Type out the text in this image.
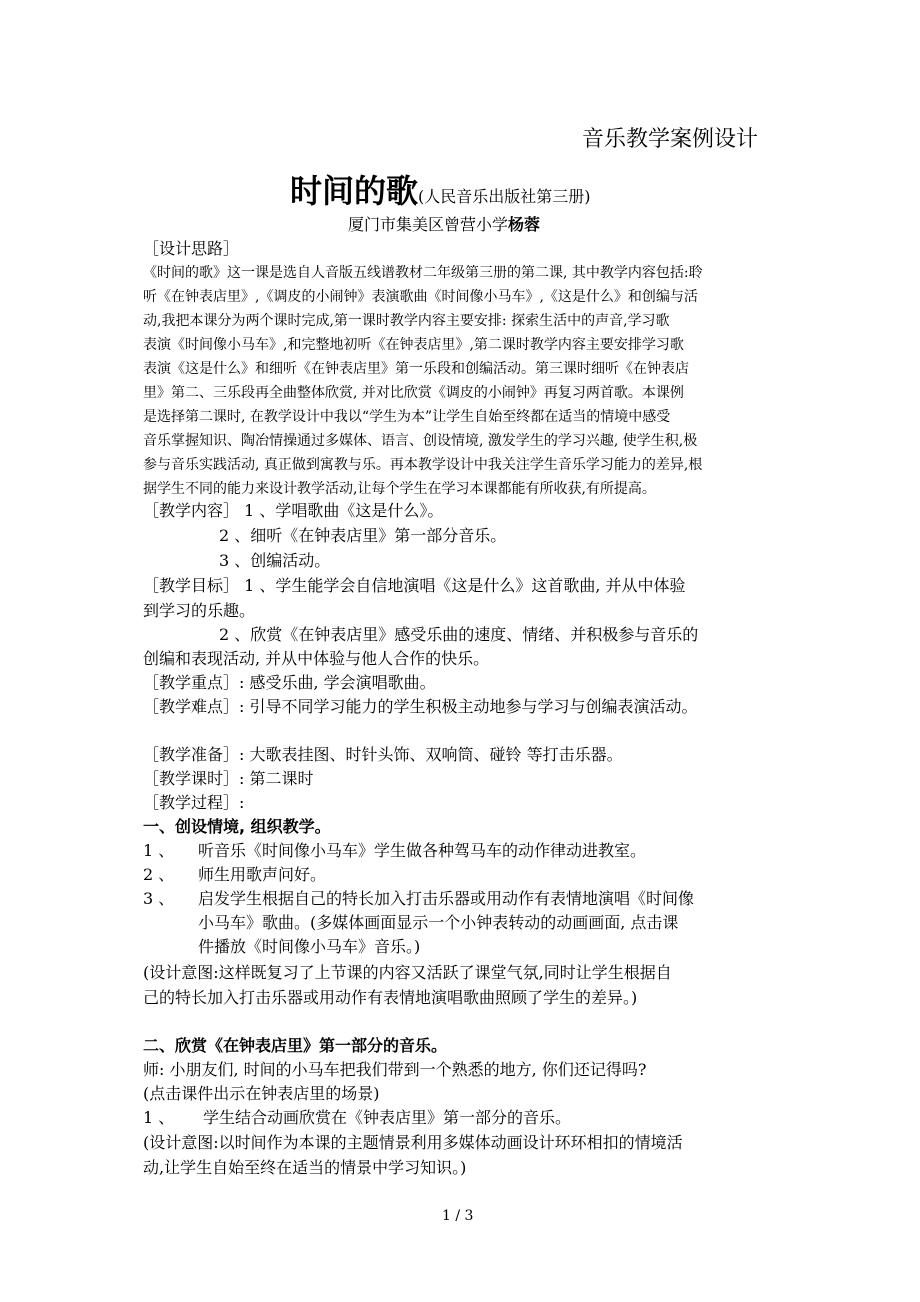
音乐教学案例设计
时间的歌(人民音乐出版社第三册)
厦门市集美区曾营小学杨蓉
［设计思路］
《时间的歌》这一课是选自人音版五线谱教材二年级第三册的第二课, 其中教学内容包括:聆
听《在钟表店里》,《调皮的小闹钟》表演歌曲《时间像小马车》,《这是什么》和创编与活
动,我把本课分为两个课时完成,第一课时教学内容主要安排: 探索生活中的声音,学习歌
表演《时间像小马车》,和完整地初听《在钟表店里》,第二课时教学内容主要安排学习歌
表演《这是什么》和细听《在钟表店里》第一乐段和创编活动。第三课时细听《在钟表店
里》第二、三乐段再全曲整体欣赏, 并对比欣赏《调皮的小闹钟》再复习两首歌。本课例
是选择第二课时, 在教学设计中我以“学生为本”让学生自始至终都在适当的情境中感受
音乐掌握知识、陶冶情操通过多媒体、语言、创设情境, 激发学生的学习兴趣, 使学生积,极
参与音乐实践活动, 真正做到寓教与乐。再本教学设计中我关注学生音乐学习能力的差异,根
据学生不同的能力来设计教学活动,让每个学生在学习本课都能有所收获,有所提高。
［教学内容］ 1 、学唱歌曲《这是什么》。
2 、细听《在钟表店里》第一部分音乐。
3 、创编活动。
［教学目标］ 1 、学生能学会自信地演唱《这是什么》这首歌曲, 并从中体验
到学习的乐趣。
2 、欣赏《在钟表店里》感受乐曲的速度、情绪、并积极参与音乐的
创编和表现活动, 并从中体验与他人合作的快乐。
［教学重点］: 感受乐曲, 学会演唱歌曲。
［教学难点］: 引导不同学习能力的学生积极主动地参与学习与创编表演活动。
［教学准备］: 大歌表挂图、时针头饰、双响筒、碰铃 等打击乐器。
［教学课时］: 第二课时
［教学过程］:
一、创设情境, 组织教学。
1 、 听音乐《时间像小马车》学生做各种驾马车的动作律动进教室。
2 、 师生用歌声问好。
3 、 启发学生根据自己的特长加入打击乐器或用动作有表情地演唱《时间像
小马车》歌曲。(多媒体画面显示一个小钟表转动的动画画面, 点击课
件播放《时间像小马车》音乐。)
(设计意图:这样既复习了上节课的内容又活跃了课堂气氛,同时让学生根据自
己的特长加入打击乐器或用动作有表情地演唱歌曲照顾了学生的差异。)
二、欣赏《在钟表店里》第一部分的音乐。
师: 小朋友们, 时间的小马车把我们带到一个熟悉的地方, 你们还记得吗?
(点击课件出示在钟表店里的场景)
1 、 学生结合动画欣赏在《钟表店里》第一部分的音乐。
(设计意图:以时间作为本课的主题情景利用多媒体动画设计环环相扣的情境活
动,让学生自始至终在适当的情景中学习知识。)
1 / 3
